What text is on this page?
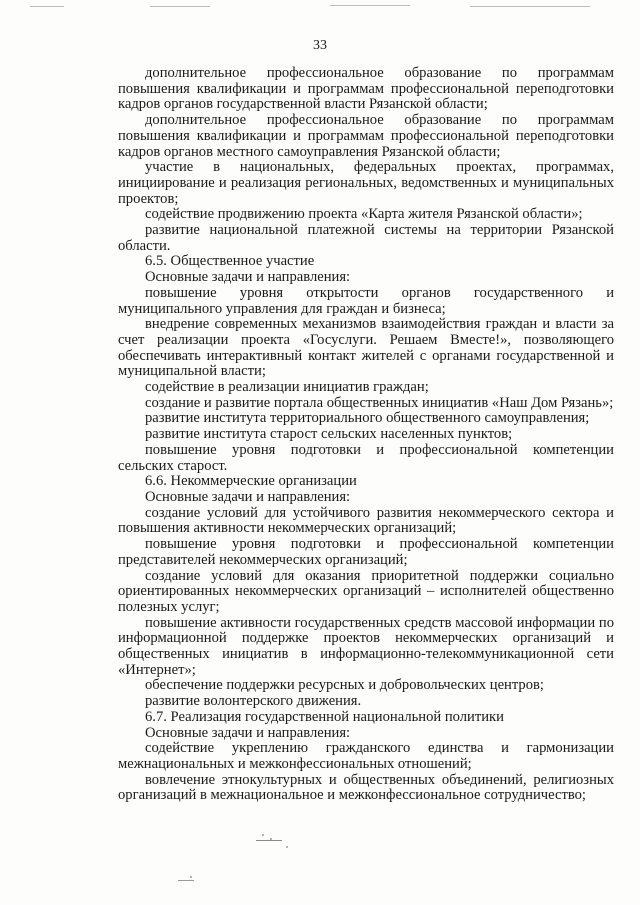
33

дополнительное профессиональное образование по программам повышения квалификации и программам профессиональной переподготовки кадров органов государственной власти Рязанской области;

дополнительное профессиональное образование по программам повышения квалификации и программам профессиональной переподготовки кадров органов местного самоуправления Рязанской области;

участие в национальных, федеральных проектах, программах, инициирование и реализация региональных, ведомственных и муниципальных проектов;

содействие продвижению проекта «Карта жителя Рязанской области»;

развитие национальной платежной системы на территории Рязанской области.

6.5. Общественное участие

Основные задачи и направления:

повышение уровня открытости органов государственного и муниципального управления для граждан и бизнеса;

внедрение современных механизмов взаимодействия граждан и власти за счет реализации проекта «Госуслуги. Решаем Вместе!», позволяющего обеспечивать интерактивный контакт жителей с органами государственной и муниципальной власти;

содействие в реализации инициатив граждан;

создание и развитие портала общественных инициатив «Наш Дом Рязань»;

развитие института территориального общественного самоуправления;

развитие института старост сельских населенных пунктов;

повышение уровня подготовки и профессиональной компетенции сельских старост.

6.6. Некоммерческие организации

Основные задачи и направления:

создание условий для устойчивого развития некоммерческого сектора и повышения активности некоммерческих организаций;

повышение уровня подготовки и профессиональной компетенции представителей некоммерческих организаций;

создание условий для оказания приоритетной поддержки социально ориентированных некоммерческих организаций – исполнителей общественно полезных услуг;

повышение активности государственных средств массовой информации по информационной поддержке проектов некоммерческих организаций и общественных инициатив в информационно-телекоммуникационной сети «Интернет»;

обеспечение поддержки ресурсных и добровольческих центров;

развитие волонтерского движения.

6.7. Реализация государственной национальной политики

Основные задачи и направления:

содействие укреплению гражданского единства и гармонизации межнациональных и межконфессиональных отношений;

вовлечение этнокультурных и общественных объединений, религиозных организаций в межнациональное и межконфессиональное сотрудничество;
